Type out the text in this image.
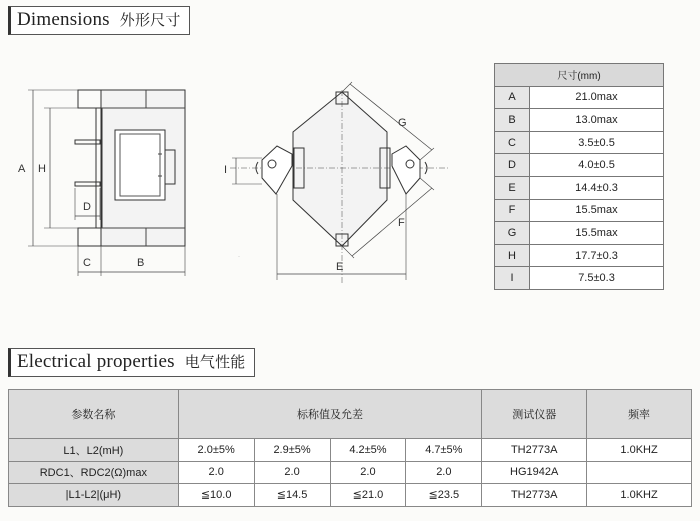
Dimensions 外形尺寸
A H
D
C	B
I
G
F
E
·
尺寸(mm)	
A	21.0max
B	13.0max
C	3.5±0.5
D	4.0±0.5
E	14.4±0.3
F	15.5max
G	15.5max
H	17.7±0.3
I	7.5±0.3
Electrical properties 电气性能
参数名称	标称值及允差				测试仪器	频率
L1、L2(mH)	2.0±5%	2.9±5%	4.2±5%	4.7±5%	TH2773A	1.0KHZ
RDC1、RDC2(Ω)max	2.0	2.0	2.0	2.0	HG1942A	
|L1-L2|(μH)	≦10.0	≦14.5	≦21.0	≦23.5	TH2773A	1.0KHZ
